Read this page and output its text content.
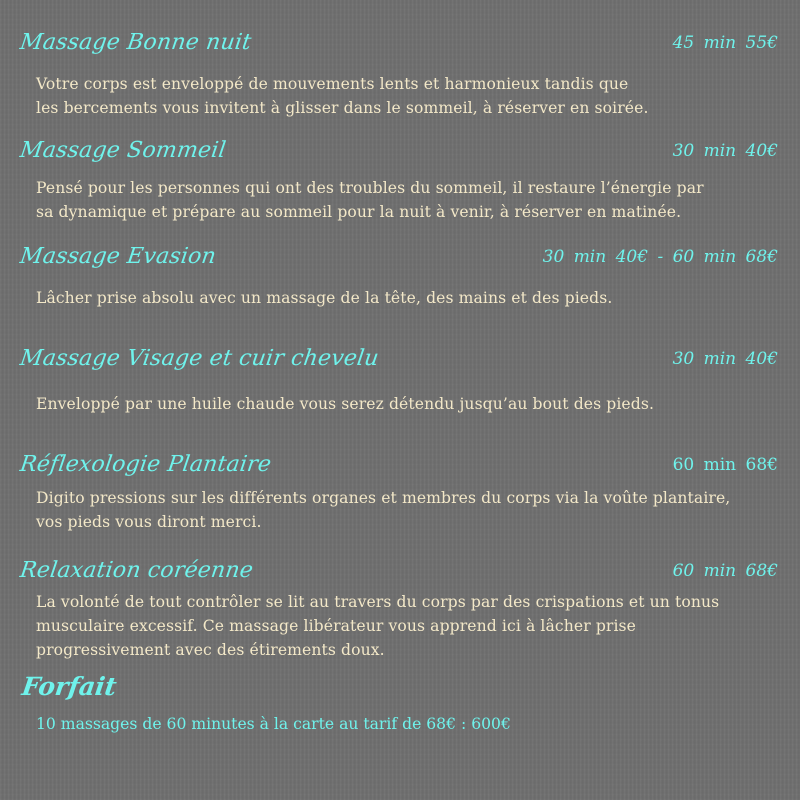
Massage Bonne nuit	45 min 55€
Votre corps est enveloppé de mouvements lents et harmonieux tandis que
les bercements vous invitent à glisser dans le sommeil, à réserver en soirée.
Massage Sommeil	30 min 40€
Pensé pour les personnes qui ont des troubles du sommeil, il restaure l’énergie par
sa dynamique et prépare au sommeil pour la nuit à venir, à réserver en matinée.
Massage Evasion	30 min 40€ - 60 min 68€
Lâcher prise absolu avec un massage de la tête, des mains et des pieds.
Massage Visage et cuir chevelu	30 min 40€
Enveloppé par une huile chaude vous serez détendu jusqu’au bout des pieds.
Réflexologie Plantaire	60 min 68€
Digito pressions sur les différents organes et membres du corps via la voûte plantaire,
vos pieds vous diront merci.
Relaxation coréenne	60 min 68€
La volonté de tout contrôler se lit au travers du corps par des crispations et un tonus
musculaire excessif. Ce massage libérateur vous apprend ici à lâcher prise
progressivement avec des étirements doux.
Forfait
10 massages de 60 minutes à la carte au tarif de 68€ : 600€
